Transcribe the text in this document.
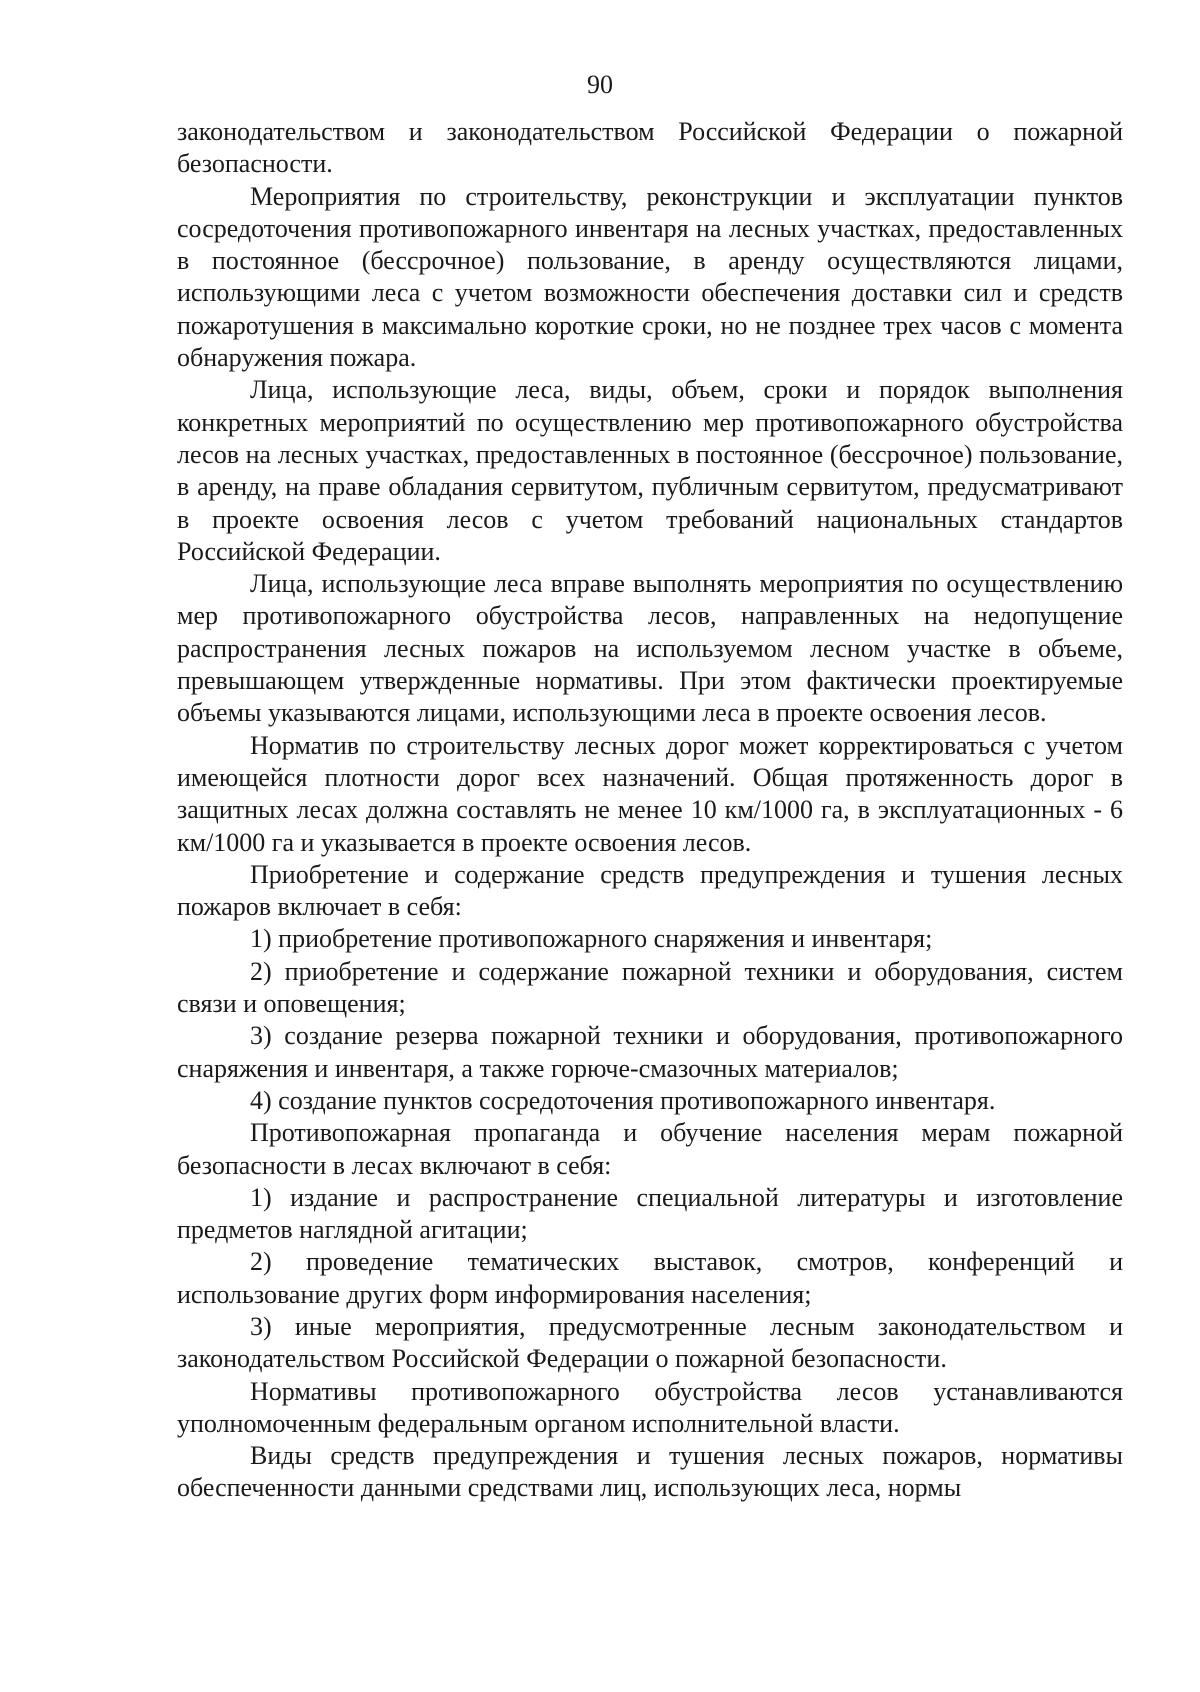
90

законодательством и законодательством Российской Федерации о пожарной безопасности.

Мероприятия по строительству, реконструкции и эксплуатации пунктов сосредоточения противопожарного инвентаря на лесных участках, предоставленных в постоянное (бессрочное) пользование, в аренду осуществляются лицами, использующими леса с учетом возможности обеспечения доставки сил и средств пожаротушения в максимально короткие сроки, но не позднее трех часов с момента обнаружения пожара.

Лица, использующие леса, виды, объем, сроки и порядок выполнения конкретных мероприятий по осуществлению мер противопожарного обустройства лесов на лесных участках, предоставленных в постоянное (бессрочное) пользование, в аренду, на праве обладания сервитутом, публичным сервитутом, предусматривают в проекте освоения лесов с учетом требований национальных стандартов Российской Федерации.

Лица, использующие леса вправе выполнять мероприятия по осуществлению мер противопожарного обустройства лесов, направленных на недопущение распространения лесных пожаров на используемом лесном участке в объеме, превышающем утвержденные нормативы. При этом фактически проектируемые объемы указываются лицами, использующими леса в проекте освоения лесов.

Норматив по строительству лесных дорог может корректироваться с учетом имеющейся плотности дорог всех назначений. Общая протяженность дорог в защитных лесах должна составлять не менее 10 км/1000 га, в эксплуатационных - 6 км/1000 га и указывается в проекте освоения лесов.

Приобретение и содержание средств предупреждения и тушения лесных пожаров включает в себя:

1) приобретение противопожарного снаряжения и инвентаря;

2) приобретение и содержание пожарной техники и оборудования, систем связи и оповещения;

3) создание резерва пожарной техники и оборудования, противопожарного снаряжения и инвентаря, а также горюче-смазочных материалов;

4) создание пунктов сосредоточения противопожарного инвентаря.

Противопожарная пропаганда и обучение населения мерам пожарной безопасности в лесах включают в себя:

1) издание и распространение специальной литературы и изготовление предметов наглядной агитации;

2) проведение тематических выставок, смотров, конференций и использование других форм информирования населения;

3) иные мероприятия, предусмотренные лесным законодательством и законодательством Российской Федерации о пожарной безопасности.

Нормативы противопожарного обустройства лесов устанавливаются уполномоченным федеральным органом исполнительной власти.

Виды средств предупреждения и тушения лесных пожаров, нормативы обеспеченности данными средствами лиц, использующих леса, нормы
